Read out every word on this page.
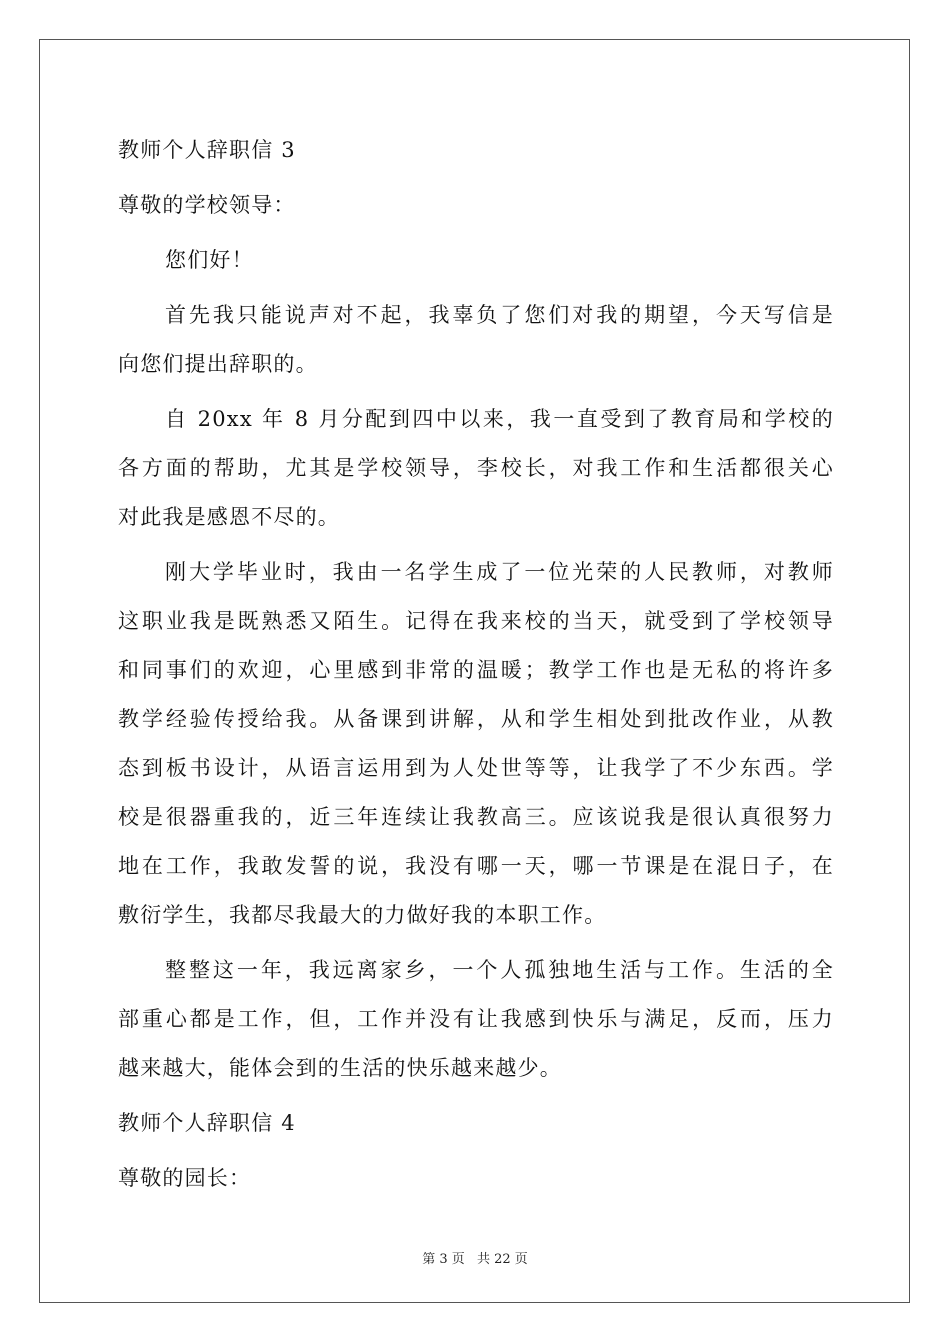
教师个人辞职信 3
尊敬的学校领导：
您们好！
首先我只能说声对不起，我辜负了您们对我的期望，今天写信是
向您们提出辞职的。
自 20xx 年 8 月分配到四中以来，我一直受到了教育局和学校的
各方面的帮助，尤其是学校领导，李校长，对我工作和生活都很关心
对此我是感恩不尽的。
刚大学毕业时，我由一名学生成了一位光荣的人民教师，对教师
这职业我是既熟悉又陌生。记得在我来校的当天，就受到了学校领导
和同事们的欢迎，心里感到非常的温暖；教学工作也是无私的将许多
教学经验传授给我。从备课到讲解，从和学生相处到批改作业，从教
态到板书设计，从语言运用到为人处世等等，让我学了不少东西。学
校是很器重我的，近三年连续让我教高三。应该说我是很认真很努力
地在工作，我敢发誓的说，我没有哪一天，哪一节课是在混日子，在
敷衍学生，我都尽我最大的力做好我的本职工作。
整整这一年，我远离家乡，一个人孤独地生活与工作。生活的全
部重心都是工作，但，工作并没有让我感到快乐与满足，反而，压力
越来越大，能体会到的生活的快乐越来越少。
教师个人辞职信 4
尊敬的园长：
第 3 页 共 22 页
